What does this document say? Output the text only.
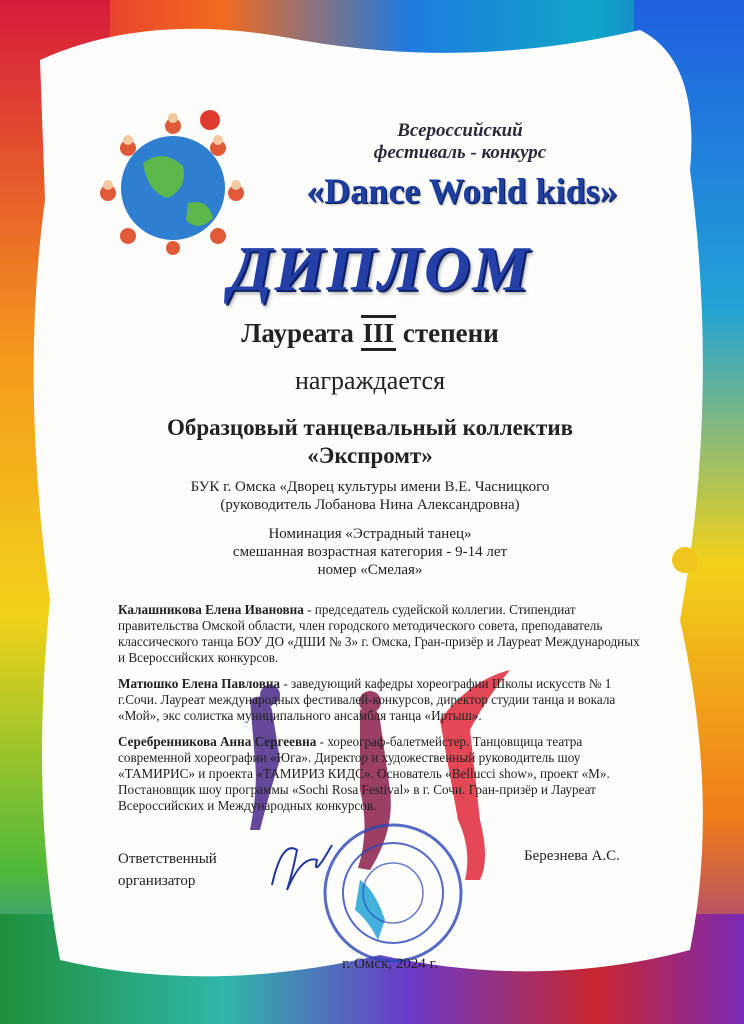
Всероссийский
фестиваль - конкурс
«Dance World kids»
ДИПЛОМ
Лауреата III степени
награждается
Образцовый танцевальный коллектив
«Экспромт»
БУК г. Омска «Дворец культуры имени В.Е. Часницкого
(руководитель Лобанова Нина Александровна)
Номинация «Эстрадный танец»
смешанная возрастная категория - 9-14 лет
номер «Смелая»

Калашникова Елена Ивановна - председатель судейской коллегии. Стипендиат правительства Омской области, член городского методического совета, преподаватель классического танца БОУ ДО «ДШИ № 3» г. Омска, Гран-призёр и Лауреат Международных и Всероссийских конкурсов.

Матюшко Елена Павловна - заведующий кафедры хореографии Школы искусств № 1 г.Сочи. Лауреат международных фестивалей-конкурсов, директор студии танца и вокала «Мой», экс солистка муниципального ансамбля танца «Иртыш».

Серебренникова Анна Сергеевна - хореограф-балетмейстер. Танцовщица театра современной хореографии «Юга». Директор и художественный руководитель шоу «ТАМИРИС» и проекта «ТАМИРИЗ КИДС». Основатель «Bellucci show», проект «М». Постановщик шоу программы «Sochi Rosa Festival» в г. Сочи. Гран-призёр и Лауреат Всероссийских и Международных конкурсов.

Ответственный
организатор
Березнева А.С.
г. Омск, 2024 г.
